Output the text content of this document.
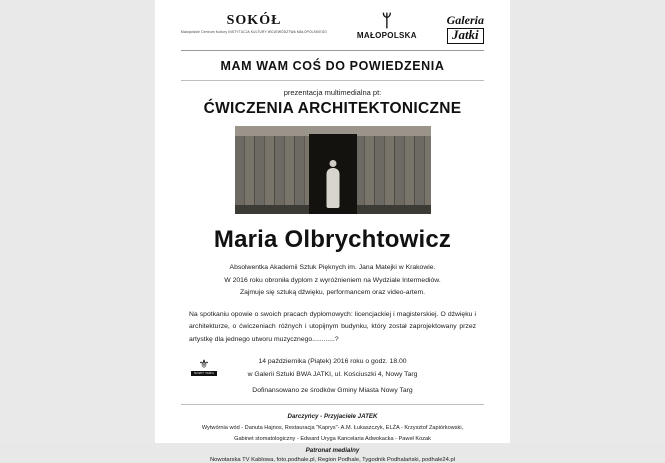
SOKÓŁ
Małopolskie Centrum Kultury INSTYTUCJA KULTURY WOJEWÓDZTWA MAŁOPOLSKIEGO
ᛘ
MAŁOPOLSKA
Galeria
Jatki
MAM WAM COŚ DO POWIEDZENIA
prezentacja multimedialna pt:
ĆWICZENIA ARCHITEKTONICZNE
Maria Olbrychtowicz
Absolwentka Akademii Sztuk Pięknych im. Jana Matejki w Krakowie.
W 2016 roku obroniła dyplom z wyróżnieniem na Wydziale Intermediów.
Zajmuje się sztuką dźwięku, performancem oraz video-artem.
Na spotkaniu opowie o swoich pracach dyplomowych: licencjackiej i magisterskiej. O dźwięku i architekturze, o ćwiczeniach różnych i utopijnym budynku, który został zaprojektowany przez artystkę dla jednego utworu muzycznego............?
⚜
NOWY TARG
14 października (Piątek) 2016 roku o godz. 18.00
w Galerii Sztuki BWA JATKI, ul. Kościuszki 4, Nowy Targ
Dofinansowano ze środków Gminy Miasta Nowy Targ
Darczyńcy - Przyjaciele JATEK
Wytwórnia wód - Danuta Hajnos, Restauracja "Kaprys"- A.M. Łukaszczyk, ELŻA - Krzysztof Zapiórkowski,
Gabinet stomatologiczny - Edward Uryga Kancelaria Adwokacka - Paweł Kozak
Patronat medialny
Nowotarska TV Kablowa, foto.podhale.pl, Region Podhale, Tygodnik Podhalański, podhale24.pl
